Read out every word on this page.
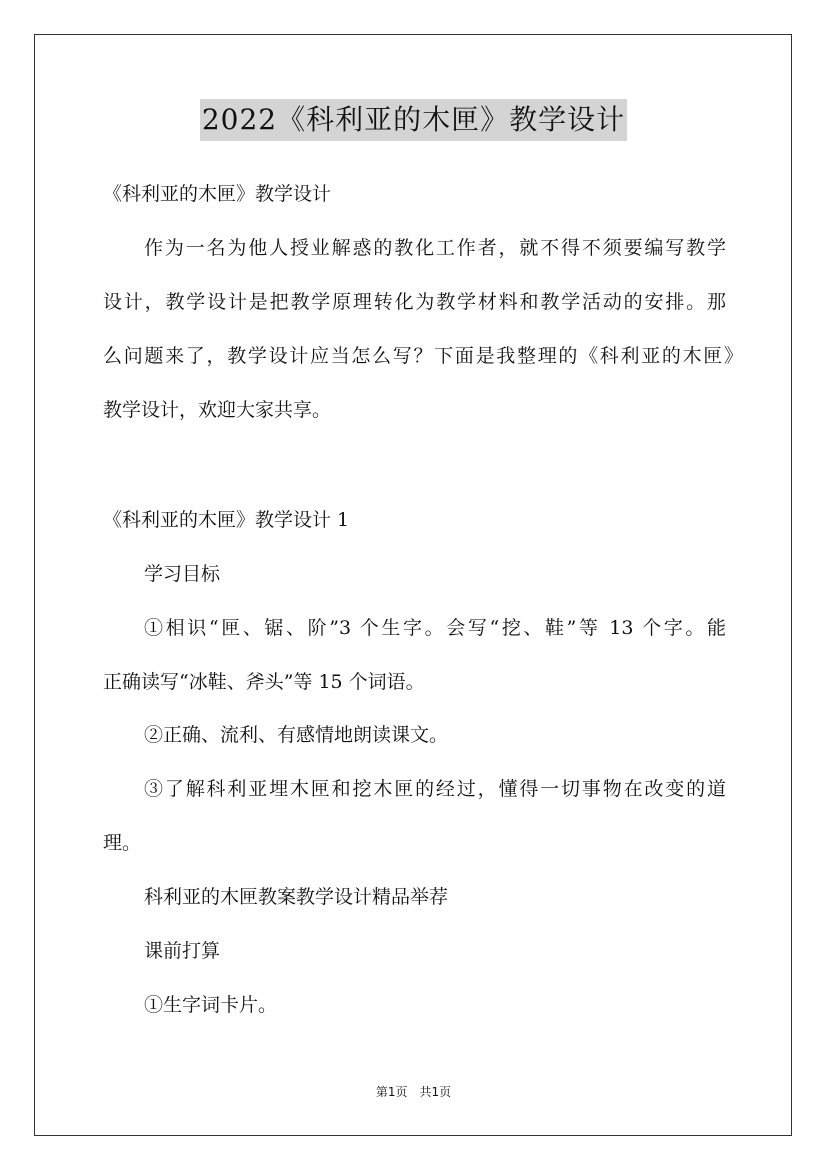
2022《科利亚的木匣》教学设计

《科利亚的木匣》教学设计

作为一名为他人授业解惑的教化工作者，就不得不须要编写教学

设计，教学设计是把教学原理转化为教学材料和教学活动的安排。那

么问题来了，教学设计应当怎么写？下面是我整理的《科利亚的木匣》

教学设计，欢迎大家共享。

《科利亚的木匣》教学设计 1

学习目标

①相识“匣、锯、阶”3 个生字。会写“挖、鞋”等 13 个字。能

正确读写“冰鞋、斧头”等 15 个词语。

②正确、流利、有感情地朗读课文。

③了解科利亚埋木匣和挖木匣的经过，懂得一切事物在改变的道

理。

科利亚的木匣教案教学设计精品举荐

课前打算

①生字词卡片。

第1页　共1页
